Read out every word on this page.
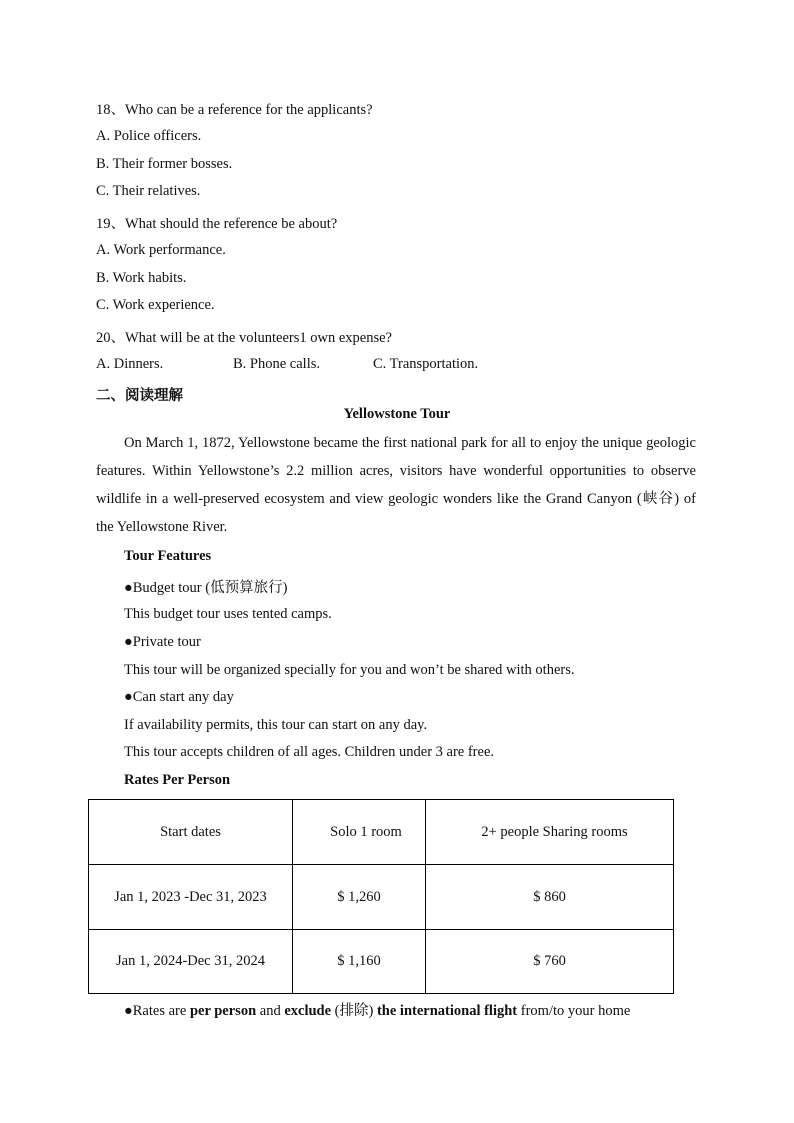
18、Who can be a reference for the applicants?
A. Police officers.
B. Their former bosses.
C. Their relatives.
19、What should the reference be about?
A. Work performance.
B. Work habits.
C. Work experience.
20、What will be at the volunteers1 own expense?
A. Dinners.	B. Phone calls.	C. Transportation.
二、阅读理解
Yellowstone Tour
On March 1, 1872, Yellowstone became the first national park for all to enjoy the unique geologic features. Within Yellowstone’s 2.2 million acres, visitors have wonderful opportunities to observe wildlife in a well-preserved ecosystem and view geologic wonders like the Grand Canyon (峡谷) of the Yellowstone River.
Tour Features
●Budget tour (低预算旅行)
This budget tour uses tented camps.
●Private tour
This tour will be organized specially for you and won’t be shared with others.
●Can start any day
If availability permits, this tour can start on any day.
This tour accepts children of all ages. Children under 3 are free.
Rates Per Person
Start dates	Solo 1 room	2+ people Sharing rooms
Jan 1, 2023 -Dec 31, 2023	$ 1,260	$ 860
Jan 1, 2024-Dec 31, 2024	$ 1,160	$ 760
●Rates are per person and exclude (排除) the international flight from/to your home
